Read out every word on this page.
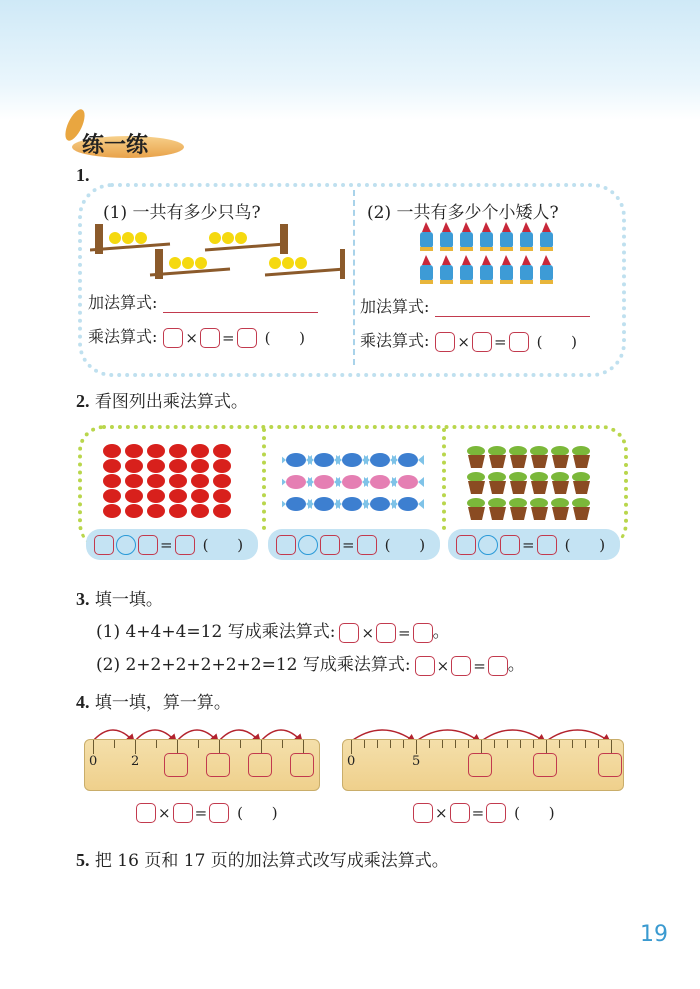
练一练
1.
(1) 一共有多少只鸟?	(2) 一共有多少个小矮人?
加法算式:
乘法算式: × = ( )
加法算式:
乘法算式: × = ( )
2. 看图列出乘法算式。
= ( )	= ( )	= ( )
3. 填一填。
(1) 4+4+4=12 写成乘法算式: × = 。
(2) 2+2+2+2+2+2=12 写成乘法算式: × = 。
4. 填一填，算一算。
0	2	0	5
× = ( )	× = ( )
5. 把 16 页和 17 页的加法算式改写成乘法算式。
19
